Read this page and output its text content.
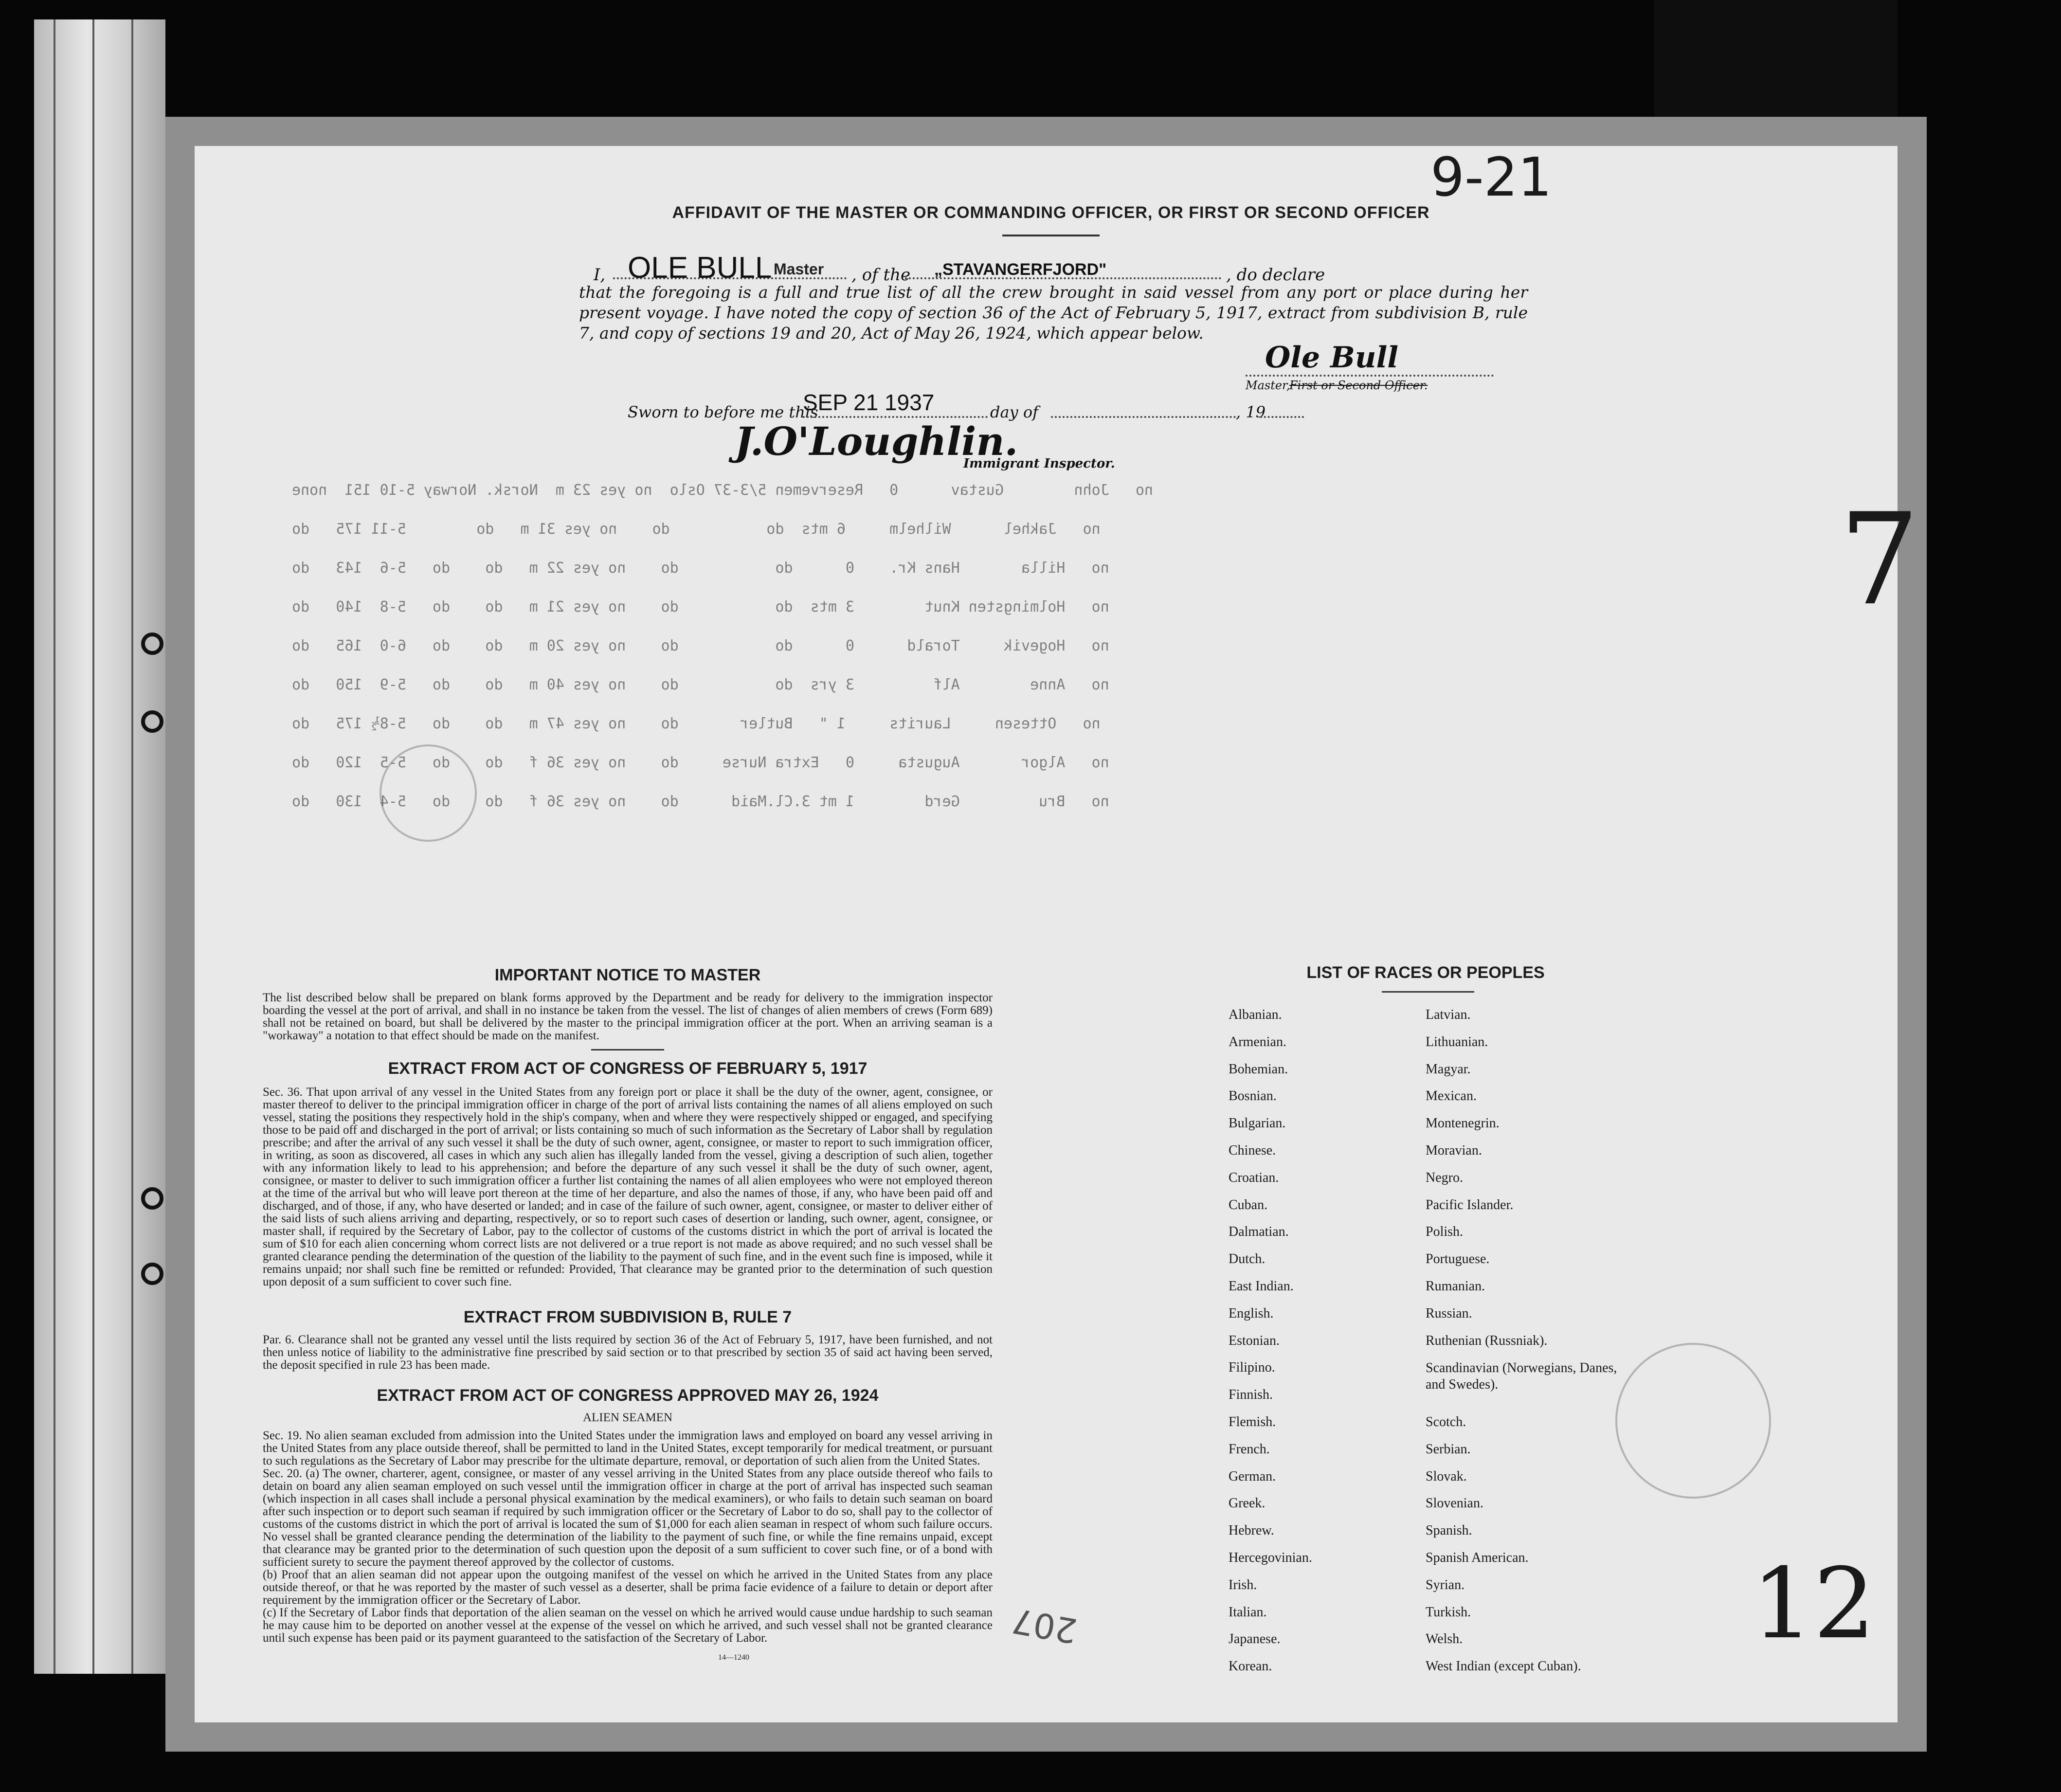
9-21
AFFIDAVIT OF THE MASTER OR COMMANDING OFFICER, OR FIRST OR SECOND OFFICER
I, OLE BULL Master , of the „STAVANGERFJORD"	, do declare
that the foregoing is a full and true list of all the crew brought in said vessel from any port or place during her present voyage. I have noted the copy of section 36 of the Act of February 5, 1917, extract from subdivision B, rule 7, and copy of sections 19 and 20, Act of May 26, 1924, which appear below.
Ole Bull
Master,
First or Second Officer.
Sworn to before me this
SEP 21 1937	day of	, 19
J.O'Loughlin.
Immigrant Inspector.
no   John        Gustav      0   Reservemen 5/3-37 Oslo  no yes 23 m  Norsk. Norway 5-10 151  none
no   Jakhel      Wilhelm     6 mts  do           do    no yes 31 m   do        5-11 175   do
no   Hilla       Hans Kr.    0      do           do    no yes 22 m   do    do   5-6  143   do
no   Holmingsten Knut        3 mts  do           do    no yes 21 m   do    do   5-8  140   do
no   Hogevik     Torald      0      do           do    no yes 20 m   do    do   6-0  165   do
no   Anne        Alf         3 yrs  do           do    no yes 40 m   do    do   5-9  150   do
no   Ottesen     Laurits     1 "   Butler       do    no yes 47 m   do    do   5-8½ 175   do
no   Algor       Augusta     0   Extra Nurse     do    no yes 36 f   do    do   5-5  120   do
no   Bru         Gerd        1 mt 3.Cl.Maid      do    no yes 36 f   do    do   5-4  130   do
7
IMPORTANT NOTICE TO MASTER

The list described below shall be prepared on blank forms approved by the Department and be ready for delivery to the immigration inspector boarding the vessel at the port of arrival, and shall in no instance be taken from the vessel. The list of changes of alien members of crews (Form 689) shall not be retained on board, but shall be delivered by the master to the principal immigration officer at the port. When an arriving seaman is a "workaway" a notation to that effect should be made on the manifest.

EXTRACT FROM ACT OF CONGRESS OF FEBRUARY 5, 1917

Sec. 36. That upon arrival of any vessel in the United States from any foreign port or place it shall be the duty of the owner, agent, consignee, or master thereof to deliver to the principal immigration officer in charge of the port of arrival lists containing the names of all aliens employed on such vessel, stating the positions they respectively hold in the ship's company, when and where they were respectively shipped or engaged, and specifying those to be paid off and discharged in the port of arrival; or lists containing so much of such information as the Secretary of Labor shall by regulation prescribe; and after the arrival of any such vessel it shall be the duty of such owner, agent, consignee, or master to report to such immigration officer, in writing, as soon as discovered, all cases in which any such alien has illegally landed from the vessel, giving a description of such alien, together with any information likely to lead to his apprehension; and before the departure of any such vessel it shall be the duty of such owner, agent, consignee, or master to deliver to such immigration officer a further list containing the names of all alien employees who were not employed thereon at the time of the arrival but who will leave port thereon at the time of her departure, and also the names of those, if any, who have been paid off and discharged, and of those, if any, who have deserted or landed; and in case of the failure of such owner, agent, consignee, or master to deliver either of the said lists of such aliens arriving and departing, respectively, or so to report such cases of desertion or landing, such owner, agent, consignee, or master shall, if required by the Secretary of Labor, pay to the collector of customs of the customs district in which the port of arrival is located the sum of $10 for each alien concerning whom correct lists are not delivered or a true report is not made as above required; and no such vessel shall be granted clearance pending the determination of the question of the liability to the payment of such fine, and in the event such fine is imposed, while it remains unpaid; nor shall such fine be remitted or refunded: Provided, That clearance may be granted prior to the determination of such question upon deposit of a sum sufficient to cover such fine.

EXTRACT FROM SUBDIVISION B, RULE 7

Par. 6. Clearance shall not be granted any vessel until the lists required by section 36 of the Act of February 5, 1917, have been furnished, and not then unless notice of liability to the administrative fine prescribed by said section or to that prescribed by section 35 of said act having been served, the deposit specified in rule 23 has been made.

EXTRACT FROM ACT OF CONGRESS APPROVED MAY 26, 1924
ALIEN SEAMEN

Sec. 19. No alien seaman excluded from admission into the United States under the immigration laws and employed on board any vessel arriving in the United States from any place outside thereof, shall be permitted to land in the United States, except temporarily for medical treatment, or pursuant to such regulations as the Secretary of Labor may prescribe for the ultimate departure, removal, or deportation of such alien from the United States.

Sec. 20. (a) The owner, charterer, agent, consignee, or master of any vessel arriving in the United States from any place outside thereof who fails to detain on board any alien seaman employed on such vessel until the immigration officer in charge at the port of arrival has inspected such seaman (which inspection in all cases shall include a personal physical examination by the medical examiners), or who fails to detain such seaman on board after such inspection or to deport such seaman if required by such immigration officer or the Secretary of Labor to do so, shall pay to the collector of customs of the customs district in which the port of arrival is located the sum of $1,000 for each alien seaman in respect of whom such failure occurs. No vessel shall be granted clearance pending the determination of the liability to the payment of such fine, or while the fine remains unpaid, except that clearance may be granted prior to the determination of such question upon the deposit of a sum sufficient to cover such fine, or of a bond with sufficient surety to secure the payment thereof approved by the collector of customs.

(b) Proof that an alien seaman did not appear upon the outgoing manifest of the vessel on which he arrived in the United States from any place outside thereof, or that he was reported by the master of such vessel as a deserter, shall be prima facie evidence of a failure to detain or deport after requirement by the immigration officer or the Secretary of Labor.

(c) If the Secretary of Labor finds that deportation of the alien seaman on the vessel on which he arrived would cause undue hardship to such seaman he may cause him to be deported on another vessel at the expense of the vessel on which he arrived, and such vessel shall not be granted clearance until such expense has been paid or its payment guaranteed to the satisfaction of the Secretary of Labor.

14—1240
207
LIST OF RACES OR PEOPLES
Albanian.
Armenian.
Bohemian.
Bosnian.
Bulgarian.
Chinese.
Croatian.
Cuban.
Dalmatian.
Dutch.
East Indian.
English.
Estonian.
Filipino.
Finnish.
Flemish.
French.
German.
Greek.
Hebrew.
Hercegovinian.
Irish.
Italian.
Japanese.
Korean.
Latvian.
Lithuanian.
Magyar.
Mexican.
Montenegrin.
Moravian.
Negro.
Pacific Islander.
Polish.
Portuguese.
Rumanian.
Russian.
Ruthenian (Russniak).
Scandinavian (Norwegians, Danes, and Swedes).
Scotch.
Serbian.
Slovak.
Slovenian.
Spanish.
Spanish American.
Syrian.
Turkish.
Welsh.
West Indian (except Cuban).
12
